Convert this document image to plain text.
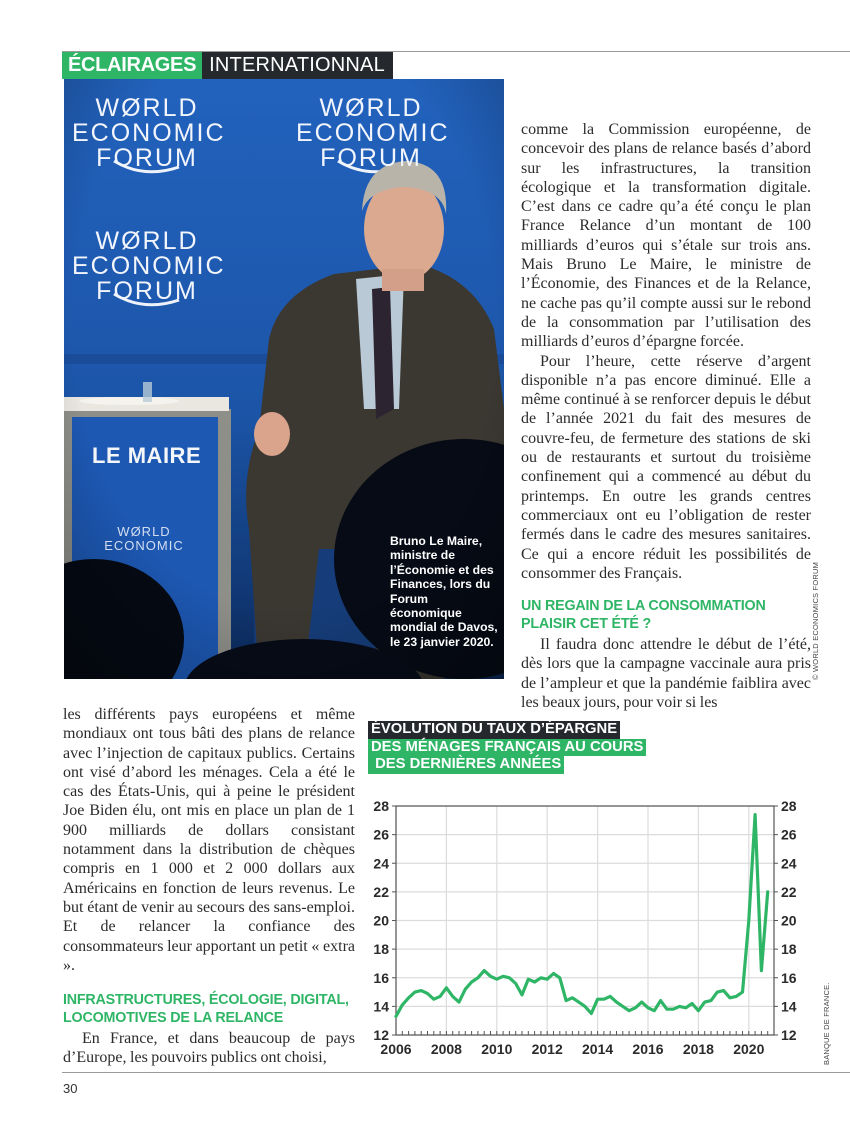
ÉCLAIRAGES INTERNATIONNAL
WØRLD
ECONOMIC
FORUM
WØRLD
ECONOMIC
FORUM
WØRLD
ECONOMIC
FORUM
WØRLD
ECONOMIC
LE MAIRE
Bruno Le Maire, ministre de l’Économie et des Finances, lors du Forum économique mondial de Davos, le 23 janvier 2020.	© WORLD ECONOMICS FORUM

comme la Commission européenne, de concevoir des plans de relance basés d’abord sur les infrastructures, la transition écologique et la transformation digitale. C’est dans ce cadre qu’a été conçu le plan France Relance d’un montant de 100 milliards d’euros qui s’étale sur trois ans. Mais Bruno Le Maire, le ministre de l’Économie, des Finances et de la Relance, ne cache pas qu’il compte aussi sur le rebond de la consommation par l’utilisation des milliards d’euros d’épargne forcée.

Pour l’heure, cette réserve d’argent disponible n’a pas encore diminué. Elle a même continué à se renforcer depuis le début de l’année 2021 du fait des mesures de couvre-feu, de fermeture des stations de ski ou de restaurants et surtout du troisième confinement qui a commencé au début du printemps. En outre les grands centres commerciaux ont eu l’obligation de rester fermés dans le cadre des mesures sanitaires. Ce qui a encore réduit les possibilités de consommer des Français.

UN REGAIN DE LA CONSOMMATION PLAISIR CET ÉTÉ ?

Il faudra donc attendre le début de l’été, dès lors que la campagne vaccinale aura pris de l’ampleur et que la pandémie faiblira avec les beaux jours, pour voir si les

les différents pays européens et même mondiaux ont tous bâti des plans de relance avec l’injection de capitaux publics. Certains ont visé d’abord les ménages. Cela a été le cas des États-Unis, qui à peine le président Joe Biden élu, ont mis en place un plan de 1 900 milliards de dollars consistant notamment dans la distribution de chèques compris en 1 000 et 2 000 dollars aux Américains en fonction de leurs revenus. Le but étant de venir au secours des sans-emploi. Et de relancer la confiance des consommateurs leur apportant un petit « extra ».

INFRASTRUCTURES, ÉCOLOGIE, DIGITAL, LOCOMOTIVES DE LA RELANCE

En France, et dans beaucoup de pays d’Europe, les pouvoirs publics ont choisi,

ÉVOLUTION DU TAUX D’ÉPARGNE
DES MÉNAGES FRANÇAIS AU COURS
DES DERNIÈRES ANNÉES
12	12
14	14
16	16
18	18
20	20
22	22
24	24
26	26
28	28
2006 2008 2010 2012 2014 2016 2018 2020	BANQUE DE FRANCE.
30
